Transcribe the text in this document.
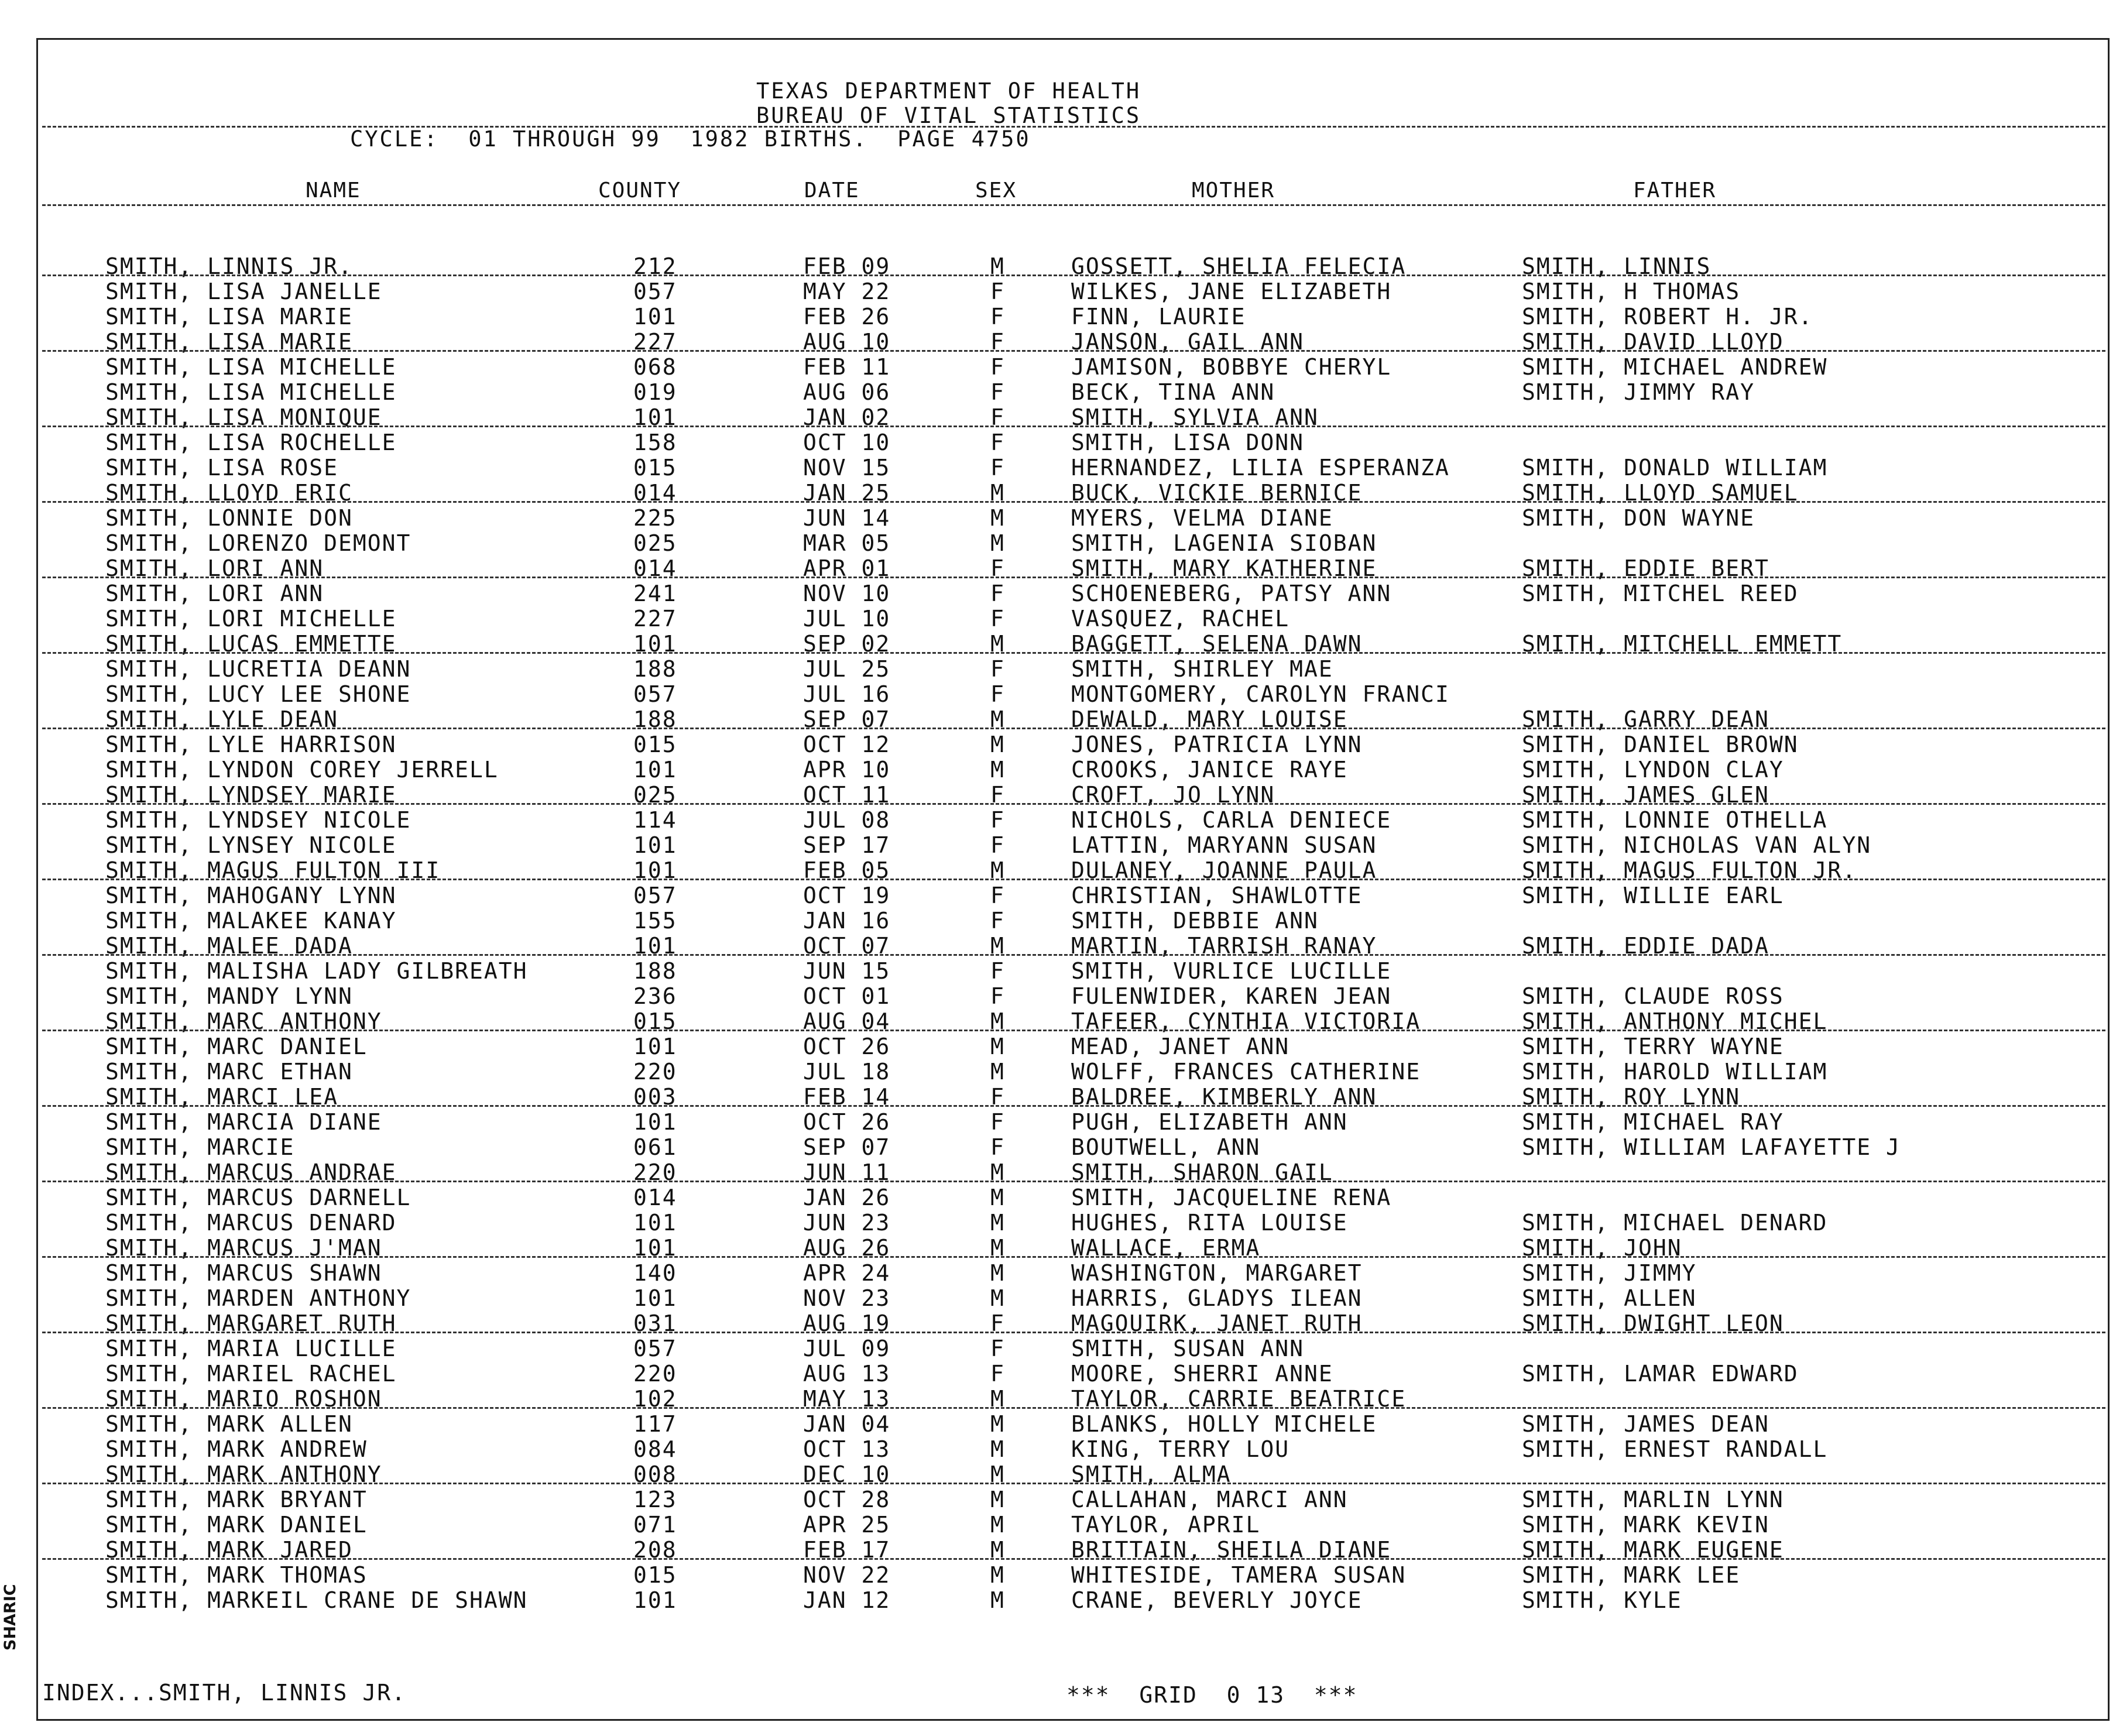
TEXAS DEPARTMENT OF HEALTH
BUREAU OF VITAL STATISTICS
CYCLE:  01 THROUGH 99  1982 BIRTHS.  PAGE 4750
NAME	COUNTY	DATE	SEX	MOTHER	FATHER
SMITH, LINNIS JR.	212	FEB 09	M	GOSSETT, SHELIA FELECIA	SMITH, LINNIS
SMITH, LISA JANELLE	057	MAY 22	F	WILKES, JANE ELIZABETH	SMITH, H THOMAS
SMITH, LISA MARIE	101	FEB 26	F	FINN, LAURIE	SMITH, ROBERT H. JR.
SMITH, LISA MARIE	227	AUG 10	F	JANSON, GAIL ANN	SMITH, DAVID LLOYD
SMITH, LISA MICHELLE	068	FEB 11	F	JAMISON, BOBBYE CHERYL	SMITH, MICHAEL ANDREW
SMITH, LISA MICHELLE	019	AUG 06	F	BECK, TINA ANN	SMITH, JIMMY RAY
SMITH, LISA MONIQUE	101	JAN 02	F	SMITH, SYLVIA ANN
SMITH, LISA ROCHELLE	158	OCT 10	F	SMITH, LISA DONN
SMITH, LISA ROSE	015	NOV 15	F	HERNANDEZ, LILIA ESPERANZA	SMITH, DONALD WILLIAM
SMITH, LLOYD ERIC	014	JAN 25	M	BUCK, VICKIE BERNICE	SMITH, LLOYD SAMUEL
SMITH, LONNIE DON	225	JUN 14	M	MYERS, VELMA DIANE	SMITH, DON WAYNE
SMITH, LORENZO DEMONT	025	MAR 05	M	SMITH, LAGENIA SIOBAN
SMITH, LORI ANN	014	APR 01	F	SMITH, MARY KATHERINE	SMITH, EDDIE BERT
SMITH, LORI ANN	241	NOV 10	F	SCHOENEBERG, PATSY ANN	SMITH, MITCHEL REED
SMITH, LORI MICHELLE	227	JUL 10	F	VASQUEZ, RACHEL
SMITH, LUCAS EMMETTE	101	SEP 02	M	BAGGETT, SELENA DAWN	SMITH, MITCHELL EMMETT
SMITH, LUCRETIA DEANN	188	JUL 25	F	SMITH, SHIRLEY MAE
SMITH, LUCY LEE SHONE	057	JUL 16	F	MONTGOMERY, CAROLYN FRANCI
SMITH, LYLE DEAN	188	SEP 07	M	DEWALD, MARY LOUISE	SMITH, GARRY DEAN
SMITH, LYLE HARRISON	015	OCT 12	M	JONES, PATRICIA LYNN	SMITH, DANIEL BROWN
SMITH, LYNDON COREY JERRELL	101	APR 10	M	CROOKS, JANICE RAYE	SMITH, LYNDON CLAY
SMITH, LYNDSEY MARIE	025	OCT 11	F	CROFT, JO LYNN	SMITH, JAMES GLEN
SMITH, LYNDSEY NICOLE	114	JUL 08	F	NICHOLS, CARLA DENIECE	SMITH, LONNIE OTHELLA
SMITH, LYNSEY NICOLE	101	SEP 17	F	LATTIN, MARYANN SUSAN	SMITH, NICHOLAS VAN ALYN
SMITH, MAGUS FULTON III	101	FEB 05	M	DULANEY, JOANNE PAULA	SMITH, MAGUS FULTON JR.
SMITH, MAHOGANY LYNN	057	OCT 19	F	CHRISTIAN, SHAWLOTTE	SMITH, WILLIE EARL
SMITH, MALAKEE KANAY	155	JAN 16	F	SMITH, DEBBIE ANN
SMITH, MALEE DADA	101	OCT 07	M	MARTIN, TARRISH RANAY	SMITH, EDDIE DADA
SMITH, MALISHA LADY GILBREATH	188	JUN 15	F	SMITH, VURLICE LUCILLE
SMITH, MANDY LYNN	236	OCT 01	F	FULENWIDER, KAREN JEAN	SMITH, CLAUDE ROSS
SMITH, MARC ANTHONY	015	AUG 04	M	TAFEER, CYNTHIA VICTORIA	SMITH, ANTHONY MICHEL
SMITH, MARC DANIEL	101	OCT 26	M	MEAD, JANET ANN	SMITH, TERRY WAYNE
SMITH, MARC ETHAN	220	JUL 18	M	WOLFF, FRANCES CATHERINE	SMITH, HAROLD WILLIAM
SMITH, MARCI LEA	003	FEB 14	F	BALDREE, KIMBERLY ANN	SMITH, ROY LYNN
SMITH, MARCIA DIANE	101	OCT 26	F	PUGH, ELIZABETH ANN	SMITH, MICHAEL RAY
SMITH, MARCIE	061	SEP 07	F	BOUTWELL, ANN	SMITH, WILLIAM LAFAYETTE J
SMITH, MARCUS ANDRAE	220	JUN 11	M	SMITH, SHARON GAIL
SMITH, MARCUS DARNELL	014	JAN 26	M	SMITH, JACQUELINE RENA
SMITH, MARCUS DENARD	101	JUN 23	M	HUGHES, RITA LOUISE	SMITH, MICHAEL DENARD
SMITH, MARCUS J'MAN	101	AUG 26	M	WALLACE, ERMA	SMITH, JOHN
SMITH, MARCUS SHAWN	140	APR 24	M	WASHINGTON, MARGARET	SMITH, JIMMY
SMITH, MARDEN ANTHONY	101	NOV 23	M	HARRIS, GLADYS ILEAN	SMITH, ALLEN
SMITH, MARGARET RUTH	031	AUG 19	F	MAGOUIRK, JANET RUTH	SMITH, DWIGHT LEON
SMITH, MARIA LUCILLE	057	JUL 09	F	SMITH, SUSAN ANN
SMITH, MARIEL RACHEL	220	AUG 13	F	MOORE, SHERRI ANNE	SMITH, LAMAR EDWARD
SMITH, MARIO ROSHON	102	MAY 13	M	TAYLOR, CARRIE BEATRICE
SMITH, MARK ALLEN	117	JAN 04	M	BLANKS, HOLLY MICHELE	SMITH, JAMES DEAN
SMITH, MARK ANDREW	084	OCT 13	M	KING, TERRY LOU	SMITH, ERNEST RANDALL
SMITH, MARK ANTHONY	008	DEC 10	M	SMITH, ALMA
SMITH, MARK BRYANT	123	OCT 28	M	CALLAHAN, MARCI ANN	SMITH, MARLIN LYNN
SMITH, MARK DANIEL	071	APR 25	M	TAYLOR, APRIL	SMITH, MARK KEVIN
SMITH, MARK JARED	208	FEB 17	M	BRITTAIN, SHEILA DIANE	SMITH, MARK EUGENE
SMITH, MARK THOMAS	015	NOV 22	M	WHITESIDE, TAMERA SUSAN	SMITH, MARK LEE
SMITH, MARKEIL CRANE DE SHAWN	101	JAN 12	M	CRANE, BEVERLY JOYCE	SMITH, KYLE
INDEX...SMITH, LINNIS JR.	***  GRID  0 13  ***
SHARIC
